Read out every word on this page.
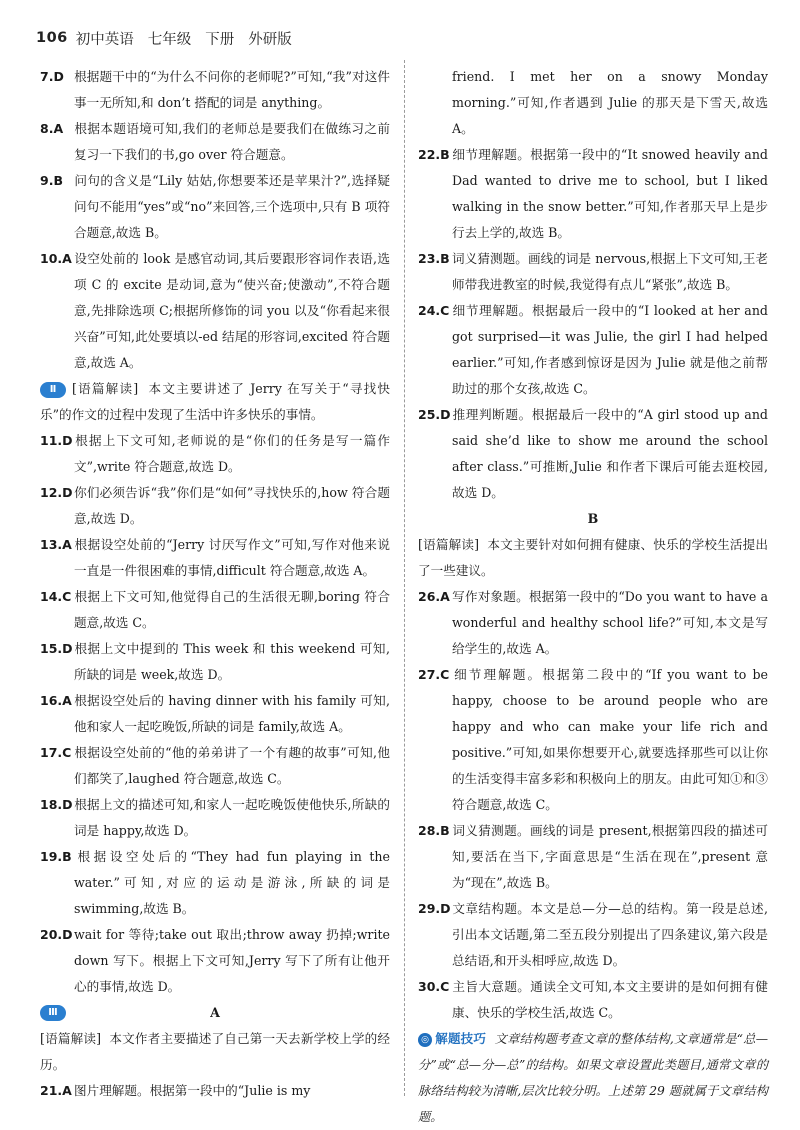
106 初中英语 七年级 下册 外研版
7.D 根据题干中的“为什么不问你的老师呢?”可知,“我”对这件事一无所知,和 don’t 搭配的词是 anything。
8.A 根据本题语境可知,我们的老师总是要我们在做练习之前复习一下我们的书,go over 符合题意。
9.B 问句的含义是“Lily 姑姑,你想要苯还是苹果汁?”,选择疑问句不能用“yes”或“no”来回答,三个选项中,只有 B 项符合题意,故选 B。
10.A 设空处前的 look 是感官动词,其后要跟形容词作表语,选项 C 的 excite 是动词,意为“使兴奋;使激动”,不符合题意,先排除选项 C;根据所修饰的词 you 以及“你看起来很兴奋”可知,此处要填以-ed 结尾的形容词,excited 符合题意,故选 A。
Ⅱ [语篇解读] 本文主要讲述了 Jerry 在写关于“寻找快乐”的作文的过程中发现了生活中许多快乐的事情。
11.D根据上下文可知,老师说的是“你们的任务是写一篇作文”,write 符合题意,故选 D。
12.D你们必须告诉“我”你们是“如何”寻找快乐的,how 符合题意,故选 D。
13.A 根据设空处前的“Jerry 讨厌写作文”可知,写作对他来说一直是一件很困难的事情,difficult 符合题意,故选 A。
14.C 根据上下文可知,他觉得自己的生活很无聊,boring 符合题意,故选 C。
15.D根据上文中提到的 This week 和 this weekend 可知,所缺的词是 week,故选 D。
16.A 根据设空处后的 having dinner with his family 可知,他和家人一起吃晚饭,所缺的词是 family,故选 A。
17.C 根据设空处前的“他的弟弟讲了一个有趣的故事”可知,他们都笑了,laughed 符合题意,故选 C。
18.D根据上文的描述可知,和家人一起吃晚饭使他快乐,所缺的词是 happy,故选 D。
19.B 根据设空处后的“They had fun playing in the water.”可知,对应的运动是游泳,所缺的词是 swimming,故选 B。
20.Dwait for 等待;take out 取出;throw away 扔掉;write down 写下。根据上下文可知,Jerry 写下了所有让他开心的事情,故选 D。
Ⅲ	A
[语篇解读] 本文作者主要描述了自己第一天去新学校上学的经历。
21.A 图片理解题。根据第一段中的“Julie is my
friend. I met her on a snowy Monday morning.”可知,作者遇到 Julie 的那天是下雪天,故选 A。
22.B 细节理解题。根据第一段中的“It snowed heavily and Dad wanted to drive me to school, but I liked walking in the snow better.”可知,作者那天早上是步行去上学的,故选 B。
23.B 词义猜测题。画线的词是 nervous,根据上下文可知,王老师带我进教室的时候,我觉得有点儿“紧张”,故选 B。
24.C 细节理解题。根据最后一段中的“I looked at her and got surprised—it was Julie, the girl I had helped earlier.”可知,作者感到惊讶是因为 Julie 就是他之前帮助过的那个女孩,故选 C。
25.D推理判断题。根据最后一段中的“A girl stood up and said she’d like to show me around the school after class.”可推断,Julie 和作者下课后可能去逛校园,故选 D。
B
[语篇解读] 本文主要针对如何拥有健康、快乐的学校生活提出了一些建议。
26.A 写作对象题。根据第一段中的“Do you want to have a wonderful and healthy school life?”可知,本文是写给学生的,故选 A。
27.C 细节理解题。根据第二段中的“If you want to be happy, choose to be around people who are happy and who can make your life rich and positive.”可知,如果你想要开心,就要选择那些可以让你的生活变得丰富多彩和积极向上的朋友。由此可知①和③符合题意,故选 C。
28.B 词义猜测题。画线的词是 present,根据第四段的描述可知,要活在当下,字面意思是“生活在现在”,present 意为“现在”,故选 B。
29.D文章结构题。本文是总—分—总的结构。第一段是总述,引出本文话题,第二至五段分别提出了四条建议,第六段是总结语,和开头相呼应,故选 D。
30.C 主旨大意题。通读全文可知,本文主要讲的是如何拥有健康、快乐的学校生活,故选 C。
◎ 解题技巧 文章结构题考查文章的整体结构,文章通常是“总—分”或“总—分—总”的结构。如果文章设置此类题目,通常文章的脉络结构较为清晰,层次比较分明。上述第 29 题就属于文章结构题。
